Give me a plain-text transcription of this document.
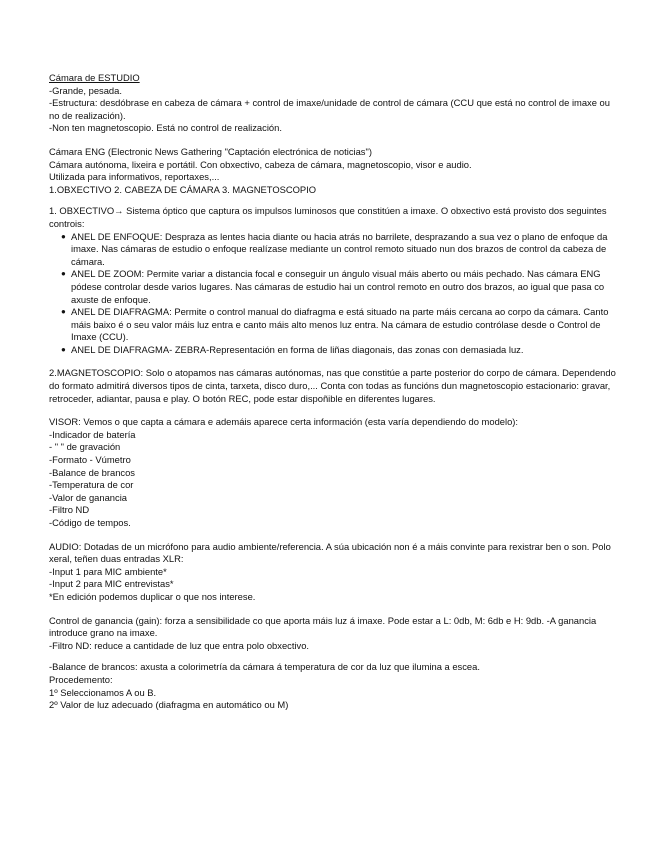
Cámara de ESTUDIO

-Grande, pesada.

-Estructura: desdóbrase en cabeza de cámara + control de imaxe/unidade de control de cámara (CCU que está no control de imaxe ou no de realización).

-Non ten magnetoscopio. Está no control de realización.

Cámara ENG (Electronic News Gathering "Captación electrónica de noticias")

Cámara autónoma, lixeira e portátil. Con obxectivo, cabeza de cámara, magnetoscopio, visor e audio.

Utilizada para informativos, reportaxes,...

1.OBXECTIVO 2. CABEZA DE CÁMARA 3. MAGNETOSCOPIO

1. OBXECTIVO→ Sistema óptico que captura os impulsos luminosos que constitúen a imaxe. O obxectivo está provisto dos seguintes controis:

● ANEL DE ENFOQUE: Despraza as lentes hacia diante ou hacia atrás no barrilete, desprazando a sua vez o plano de enfoque da imaxe. Nas cámaras de estudio o enfoque realízase mediante un control remoto situado nun dos brazos de control da cabeza de cámara.
● ANEL DE ZOOM: Permite variar a distancia focal e conseguir un ángulo visual máis aberto ou máis pechado. Nas cámara ENG pódese controlar desde varios lugares. Nas cámaras de estudio hai un control remoto en outro dos brazos, ao igual que pasa co axuste de enfoque.
● ANEL DE DIAFRAGMA: Permite o control manual do diafragma e está situado na parte máis cercana ao corpo da cámara. Canto máis baixo é o seu valor máis luz entra e canto máis alto menos luz entra. Na cámara de estudio contrólase desde o Control de Imaxe (CCU).
● ANEL DE DIAFRAGMA- ZEBRA-Representación en forma de liñas diagonais, das zonas con demasiada luz.

2.MAGNETOSCOPIO: Solo o atopamos nas cámaras autónomas, nas que constitúe a parte posterior do corpo de cámara. Dependendo do formato admitirá diversos tipos de cinta, tarxeta, disco duro,... Conta con todas as funcións dun magnetoscopio estacionario: gravar, retroceder, adiantar, pausa e play. O botón REC, pode estar dispoñible en diferentes lugares.

VISOR: Vemos o que capta a cámara e ademáis aparece certa información (esta varía dependiendo do modelo):

-Indicador de batería

- " " de gravación

-Formato - Vúmetro

-Balance de brancos

-Temperatura de cor

-Valor de ganancia

-Filtro ND

-Código de tempos.

AUDIO: Dotadas de un micrófono para audio ambiente/referencia. A súa ubicación non é a máis convinte para rexistrar ben o son. Polo xeral, teñen duas entradas XLR:

-Input 1 para MIC ambiente*

-Input 2 para MIC entrevistas*

*En edición podemos duplicar o que nos interese.

Control de ganancia (gain): forza a sensibilidade co que aporta máis luz á imaxe. Pode estar a L: 0db, M: 6db e H: 9db. -A ganancia introduce grano na imaxe.

-Filtro ND: reduce a cantidade de luz que entra polo obxectivo.

-Balance de brancos: axusta a colorimetría da cámara á temperatura de cor da luz que ilumina a escea.

Procedemento:

1º Seleccionamos A ou B.

2º Valor de luz adecuado (diafragma en automático ou M)
